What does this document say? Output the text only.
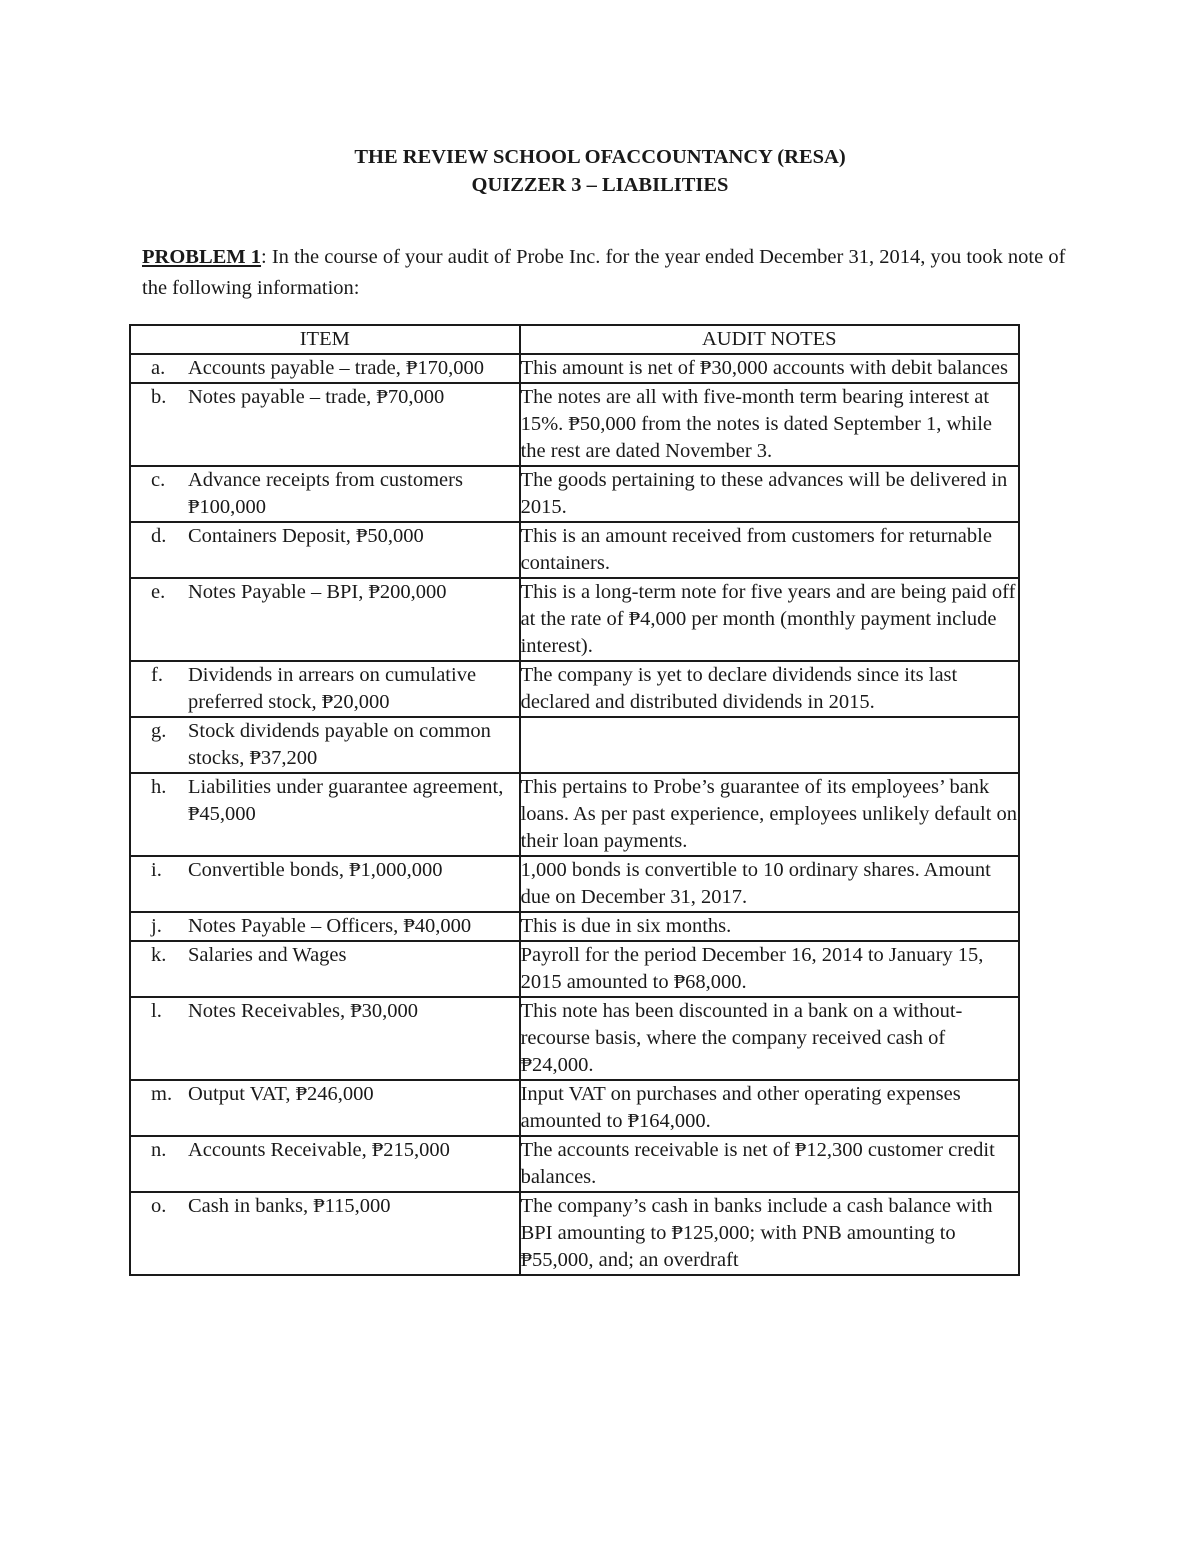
THE REVIEW SCHOOL OFACCOUNTANCY (RESA)
QUIZZER 3 – LIABILITIES
PROBLEM 1: In the course of your audit of Probe Inc. for the year ended December 31, 2014, you took note of the following information:
ITEM	AUDIT NOTES

a. Accounts payable – trade, ₱170,000	This amount is net of ₱30,000 accounts with debit balances

b. Notes payable – trade, ₱70,000	The notes are all with five-month term bearing interest at 15%. ₱50,000 from the notes is dated September 1, while the rest are dated November 3.

c. Advance receipts from customers ₱100,000	The goods pertaining to these advances will be delivered in 2015.

d. Containers Deposit, ₱50,000	This is an amount received from customers for returnable containers.

e. Notes Payable – BPI, ₱200,000	This is a long-term note for five years and are being paid off at the rate of ₱4,000 per month (monthly payment include interest).

f. Dividends in arrears on cumulative preferred stock, ₱20,000	The company is yet to declare dividends since its last declared and distributed dividends in 2015.

g. Stock dividends payable on common stocks, ₱37,200	

h. Liabilities under guarantee agreement, ₱45,000	This pertains to Probe’s guarantee of its employees’ bank loans. As per past experience, employees unlikely default on their loan payments.

i. Convertible bonds, ₱1,000,000	1,000 bonds is convertible to 10 ordinary shares. Amount due on December 31, 2017.

j. Notes Payable – Officers, ₱40,000	This is due in six months.

k. Salaries and Wages	Payroll for the period December 16, 2014 to January 15, 2015 amounted to ₱68,000.

l. Notes Receivables, ₱30,000	This note has been discounted in a bank on a without-recourse basis, where the company received cash of ₱24,000.

m. Output VAT, ₱246,000	Input VAT on purchases and other operating expenses amounted to ₱164,000.

n. Accounts Receivable, ₱215,000	The accounts receivable is net of ₱12,300 customer credit balances.

o. Cash in banks, ₱115,000	The company’s cash in banks include a cash balance with BPI amounting to ₱125,000; with PNB amounting to ₱55,000, and; an overdraft
